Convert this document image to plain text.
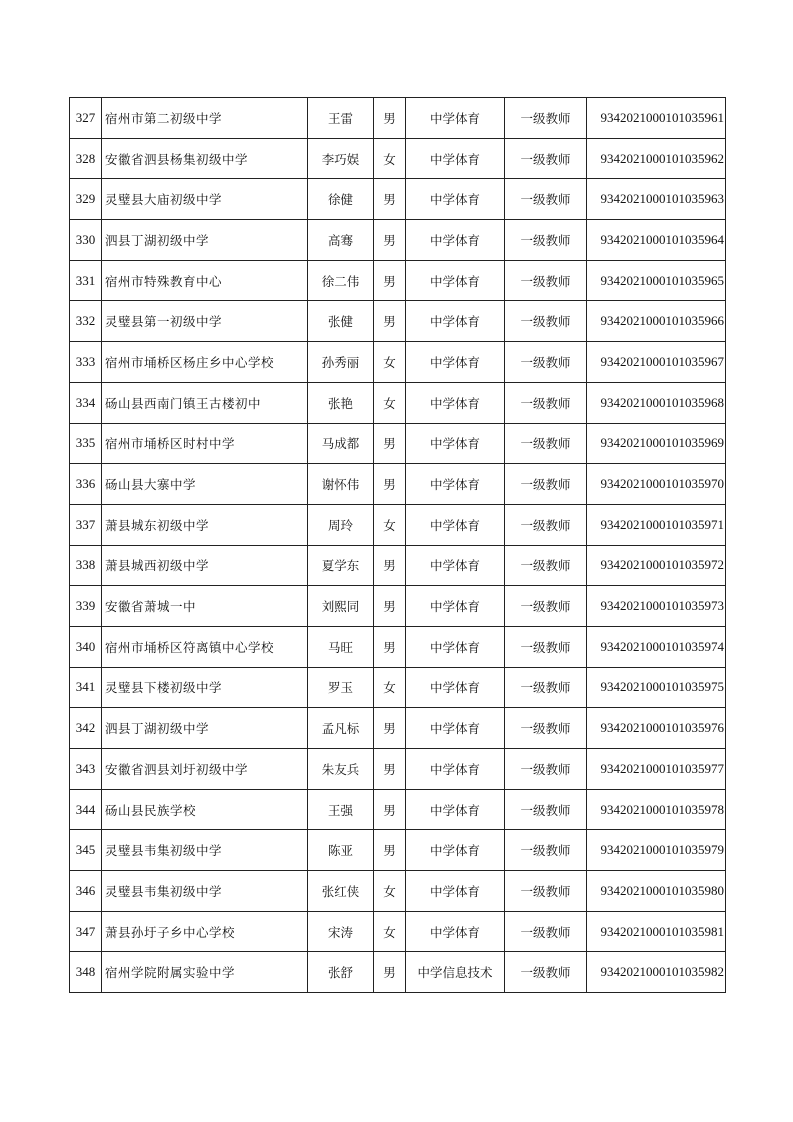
327	宿州市第二初级中学	王雷	男	中学体育	一级教师	9342021000101035961
328	安徽省泗县杨集初级中学	李巧娱	女	中学体育	一级教师	9342021000101035962
329	灵璧县大庙初级中学	徐健	男	中学体育	一级教师	9342021000101035963
330	泗县丁湖初级中学	高骞	男	中学体育	一级教师	9342021000101035964
331	宿州市特殊教育中心	徐二伟	男	中学体育	一级教师	9342021000101035965
332	灵璧县第一初级中学	张健	男	中学体育	一级教师	9342021000101035966
333	宿州市埇桥区杨庄乡中心学校	孙秀丽	女	中学体育	一级教师	9342021000101035967
334	砀山县西南门镇王古楼初中	张艳	女	中学体育	一级教师	9342021000101035968
335	宿州市埇桥区时村中学	马成都	男	中学体育	一级教师	9342021000101035969
336	砀山县大寨中学	谢怀伟	男	中学体育	一级教师	9342021000101035970
337	萧县城东初级中学	周玲	女	中学体育	一级教师	9342021000101035971
338	萧县城西初级中学	夏学东	男	中学体育	一级教师	9342021000101035972
339	安徽省萧城一中	刘熙同	男	中学体育	一级教师	9342021000101035973
340	宿州市埇桥区符离镇中心学校	马旺	男	中学体育	一级教师	9342021000101035974
341	灵璧县下楼初级中学	罗玉	女	中学体育	一级教师	9342021000101035975
342	泗县丁湖初级中学	孟凡标	男	中学体育	一级教师	9342021000101035976
343	安徽省泗县刘圩初级中学	朱友兵	男	中学体育	一级教师	9342021000101035977
344	砀山县民族学校	王强	男	中学体育	一级教师	9342021000101035978
345	灵璧县韦集初级中学	陈亚	男	中学体育	一级教师	9342021000101035979
346	灵璧县韦集初级中学	张红侠	女	中学体育	一级教师	9342021000101035980
347	萧县孙圩子乡中心学校	宋涛	女	中学体育	一级教师	9342021000101035981
348	宿州学院附属实验中学	张舒	男	中学信息技术	一级教师	9342021000101035982
